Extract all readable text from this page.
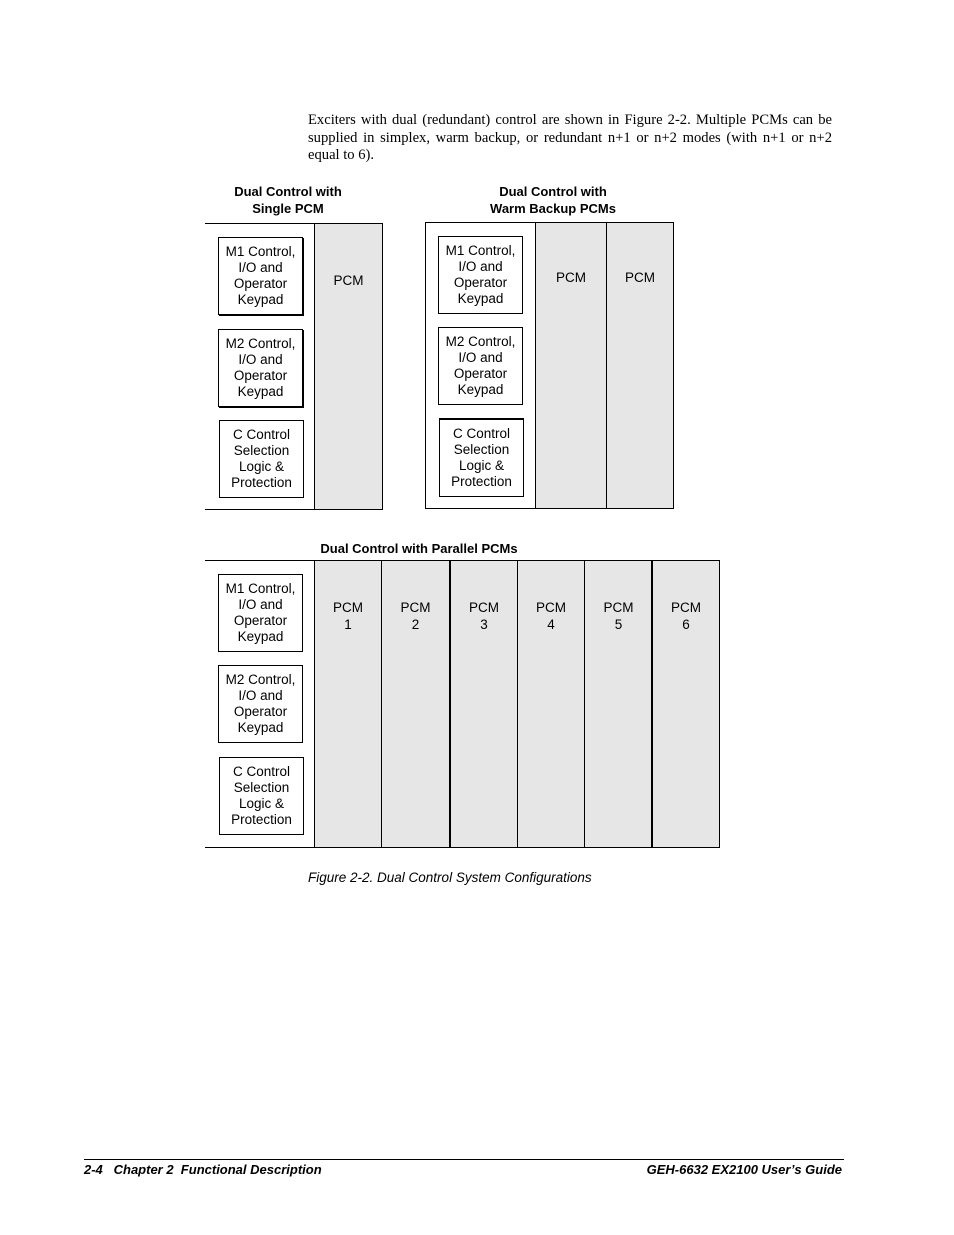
Exciters with dual (redundant) control are shown in Figure 2-2. Multiple PCMs can be supplied in simplex, warm backup, or redundant n+1 or n+2 modes (with n+1 or n+2 equal to 6).
Dual Control with
Single PCM
M1 Control,
I/O and
Operator
Keypad
M2 Control,
I/O and
Operator
Keypad
C Control
Selection
Logic &
Protection
PCM
Dual Control with
Warm Backup PCMs
M1 Control,
I/O and
Operator
Keypad
M2 Control,
I/O and
Operator
Keypad
C Control
Selection
Logic &
Protection
PCM	PCM
Dual Control with Parallel PCMs
M1 Control,
I/O and
Operator
Keypad
M2 Control,
I/O and
Operator
Keypad
C Control
Selection
Logic &
Protection
PCM
1
PCM
2
PCM
3
PCM
4
PCM
5
PCM
6
Figure 2-2. Dual Control System Configurations
2-4   Chapter 2  Functional Description	GEH-6632 EX2100 User’s Guide
